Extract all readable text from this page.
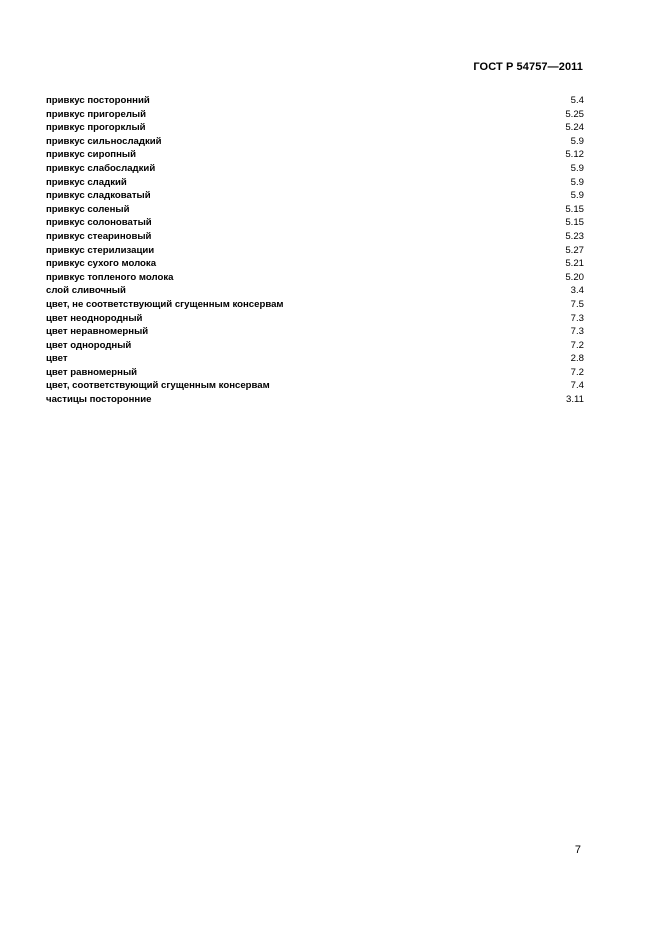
ГОСТ Р 54757—2011
привкус посторонний	5.4
привкус пригорелый	5.25
привкус прогорклый	5.24
привкус сильносладкий	5.9
привкус сиропный	5.12
привкус слабосладкий	5.9
привкус сладкий	5.9
привкус сладковатый	5.9
привкус соленый	5.15
привкус солоноватый	5.15
привкус стеариновый	5.23
привкус стерилизации	5.27
привкус сухого молока	5.21
привкус топленого молока	5.20
слой сливочный	3.4
цвет, не соответствующий сгущенным консервам	7.5
цвет неоднородный	7.3
цвет неравномерный	7.3
цвет однородный	7.2
цвет	2.8
цвет равномерный	7.2
цвет, соответствующий сгущенным консервам	7.4
частицы посторонние	3.11
7
